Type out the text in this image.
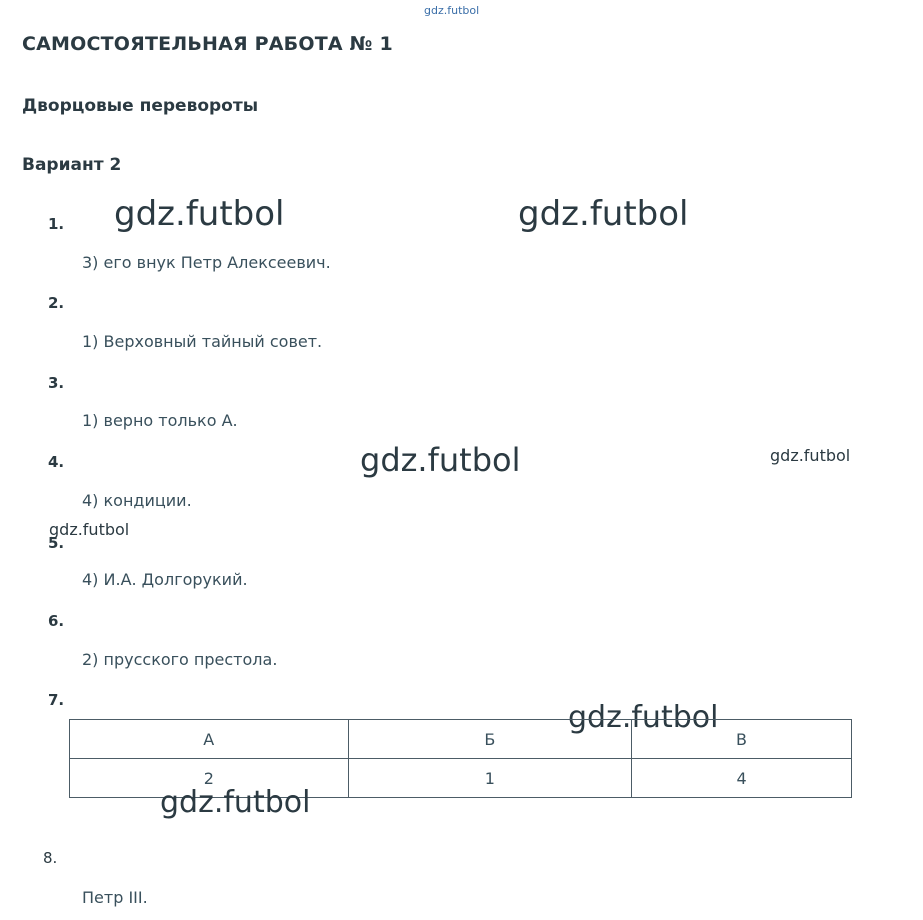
gdz.futbol
САМОСТОЯТЕЛЬНАЯ РАБОТА № 1
Дворцовые перевороты
Вариант 2
1. gdz.futbol	gdz.futbol
3) его внук Петр Алексеевич.
2.
1) Верховный тайный совет.
3.
1) верно только А.
4.	gdz.futbol	gdz.futbol
4) кондиции.
5.
gdz.futbol
4) И.А. Долгорукий.
6.
2) прусского престола.
7.	gdz.futbol
А	Б	В
2	1	4
gdz.futbol
8.
Петр III.
